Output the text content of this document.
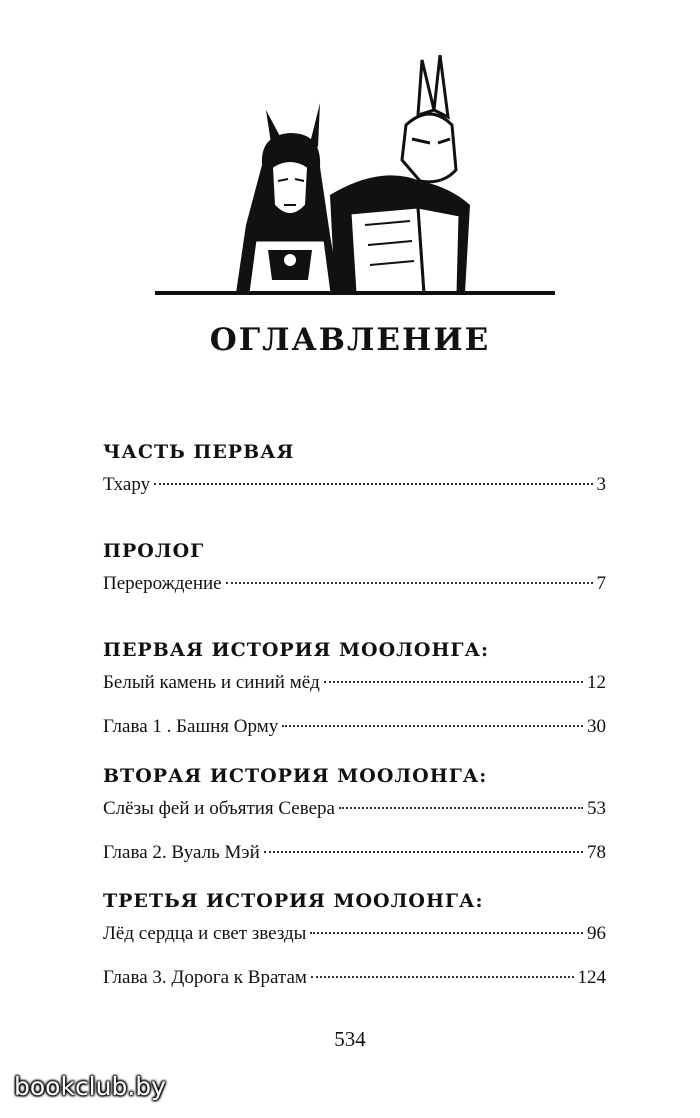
ОГЛАВЛЕНИЕ
ЧАСТЬ ПЕРВАЯ
Тхару	3
ПРОЛОГ
Перерождение	7
ПЕРВАЯ ИСТОРИЯ МООЛОНГА:
Белый камень и синий мёд	12
Глава 1 . Башня Орму	30
ВТОРАЯ ИСТОРИЯ МООЛОНГА:
Слёзы фей и объятия Севера	53
Глава 2. Вуаль Мэй	78
ТРЕТЬЯ ИСТОРИЯ МООЛОНГА:
Лёд сердца и свет звезды	96
Глава 3. Дорога к Вратам	124
534
bookclub.by
